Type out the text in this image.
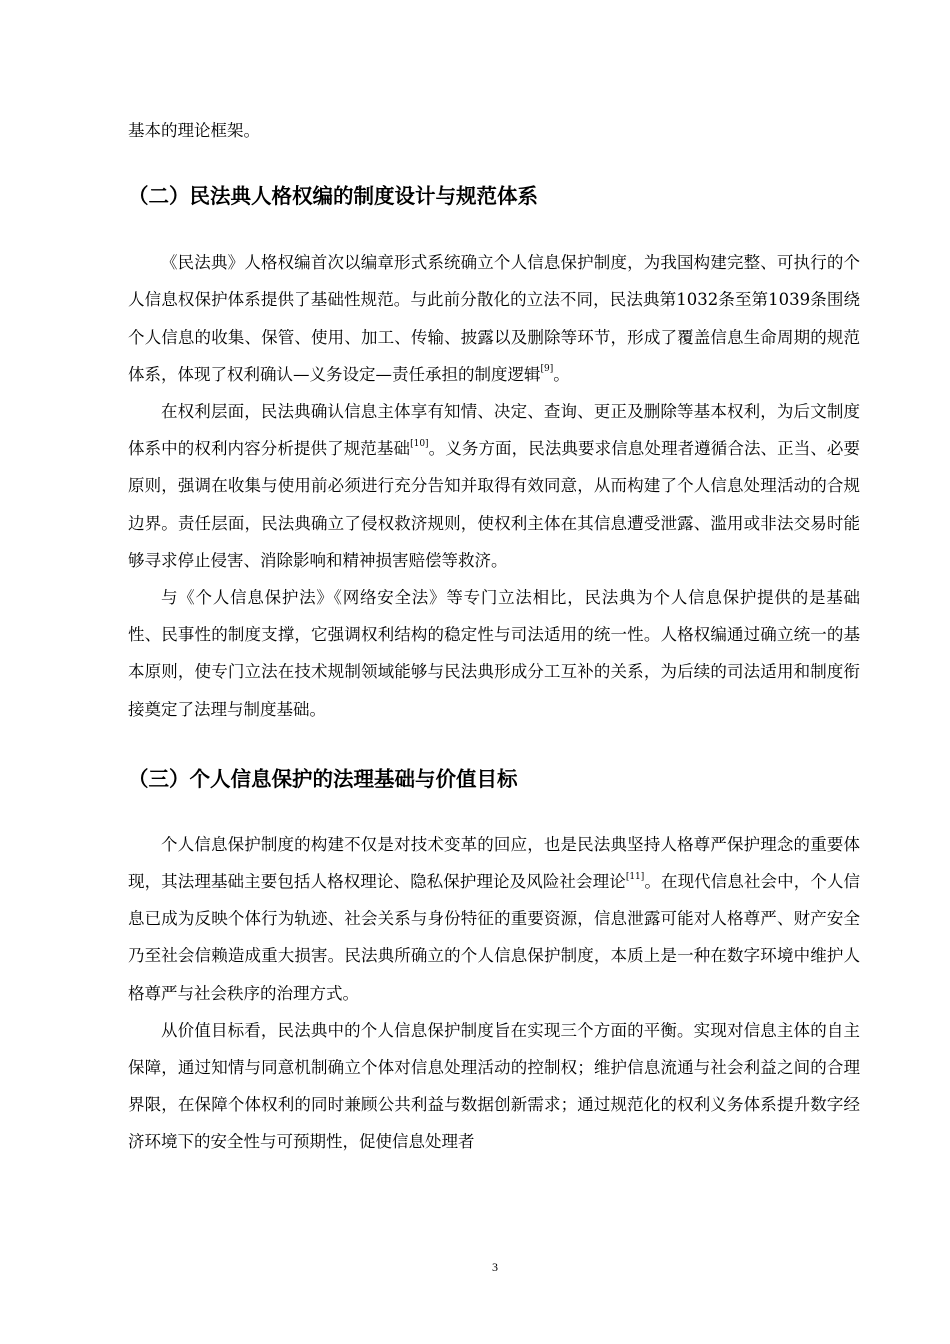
基本的理论框架。

（二）民法典人格权编的制度设计与规范体系

《民法典》人格权编首次以编章形式系统确立个人信息保护制度，为我国构建完整、可执行的个人信息权保护体系提供了基础性规范。与此前分散化的立法不同，民法典第1032条至第1039条围绕个人信息的收集、保管、使用、加工、传输、披露以及删除等环节，形成了覆盖信息生命周期的规范体系，体现了权利确认—义务设定—责任承担的制度逻辑[9]。

在权利层面，民法典确认信息主体享有知情、决定、查询、更正及删除等基本权利，为后文制度体系中的权利内容分析提供了规范基础[10]。义务方面，民法典要求信息处理者遵循合法、正当、必要原则，强调在收集与使用前必须进行充分告知并取得有效同意，从而构建了个人信息处理活动的合规边界。责任层面，民法典确立了侵权救济规则，使权利主体在其信息遭受泄露、滥用或非法交易时能够寻求停止侵害、消除影响和精神损害赔偿等救济。

与《个人信息保护法》《网络安全法》等专门立法相比，民法典为个人信息保护提供的是基础性、民事性的制度支撑，它强调权利结构的稳定性与司法适用的统一性。人格权编通过确立统一的基本原则，使专门立法在技术规制领域能够与民法典形成分工互补的关系，为后续的司法适用和制度衔接奠定了法理与制度基础。

（三）个人信息保护的法理基础与价值目标

个人信息保护制度的构建不仅是对技术变革的回应，也是民法典坚持人格尊严保护理念的重要体现，其法理基础主要包括人格权理论、隐私保护理论及风险社会理论[11]。在现代信息社会中，个人信息已成为反映个体行为轨迹、社会关系与身份特征的重要资源，信息泄露可能对人格尊严、财产安全乃至社会信赖造成重大损害。民法典所确立的个人信息保护制度，本质上是一种在数字环境中维护人格尊严与社会秩序的治理方式。

从价值目标看，民法典中的个人信息保护制度旨在实现三个方面的平衡。实现对信息主体的自主保障，通过知情与同意机制确立个体对信息处理活动的控制权；维护信息流通与社会利益之间的合理界限，在保障个体权利的同时兼顾公共利益与数据创新需求；通过规范化的权利义务体系提升数字经济环境下的安全性与可预期性，促使信息处理者

3
